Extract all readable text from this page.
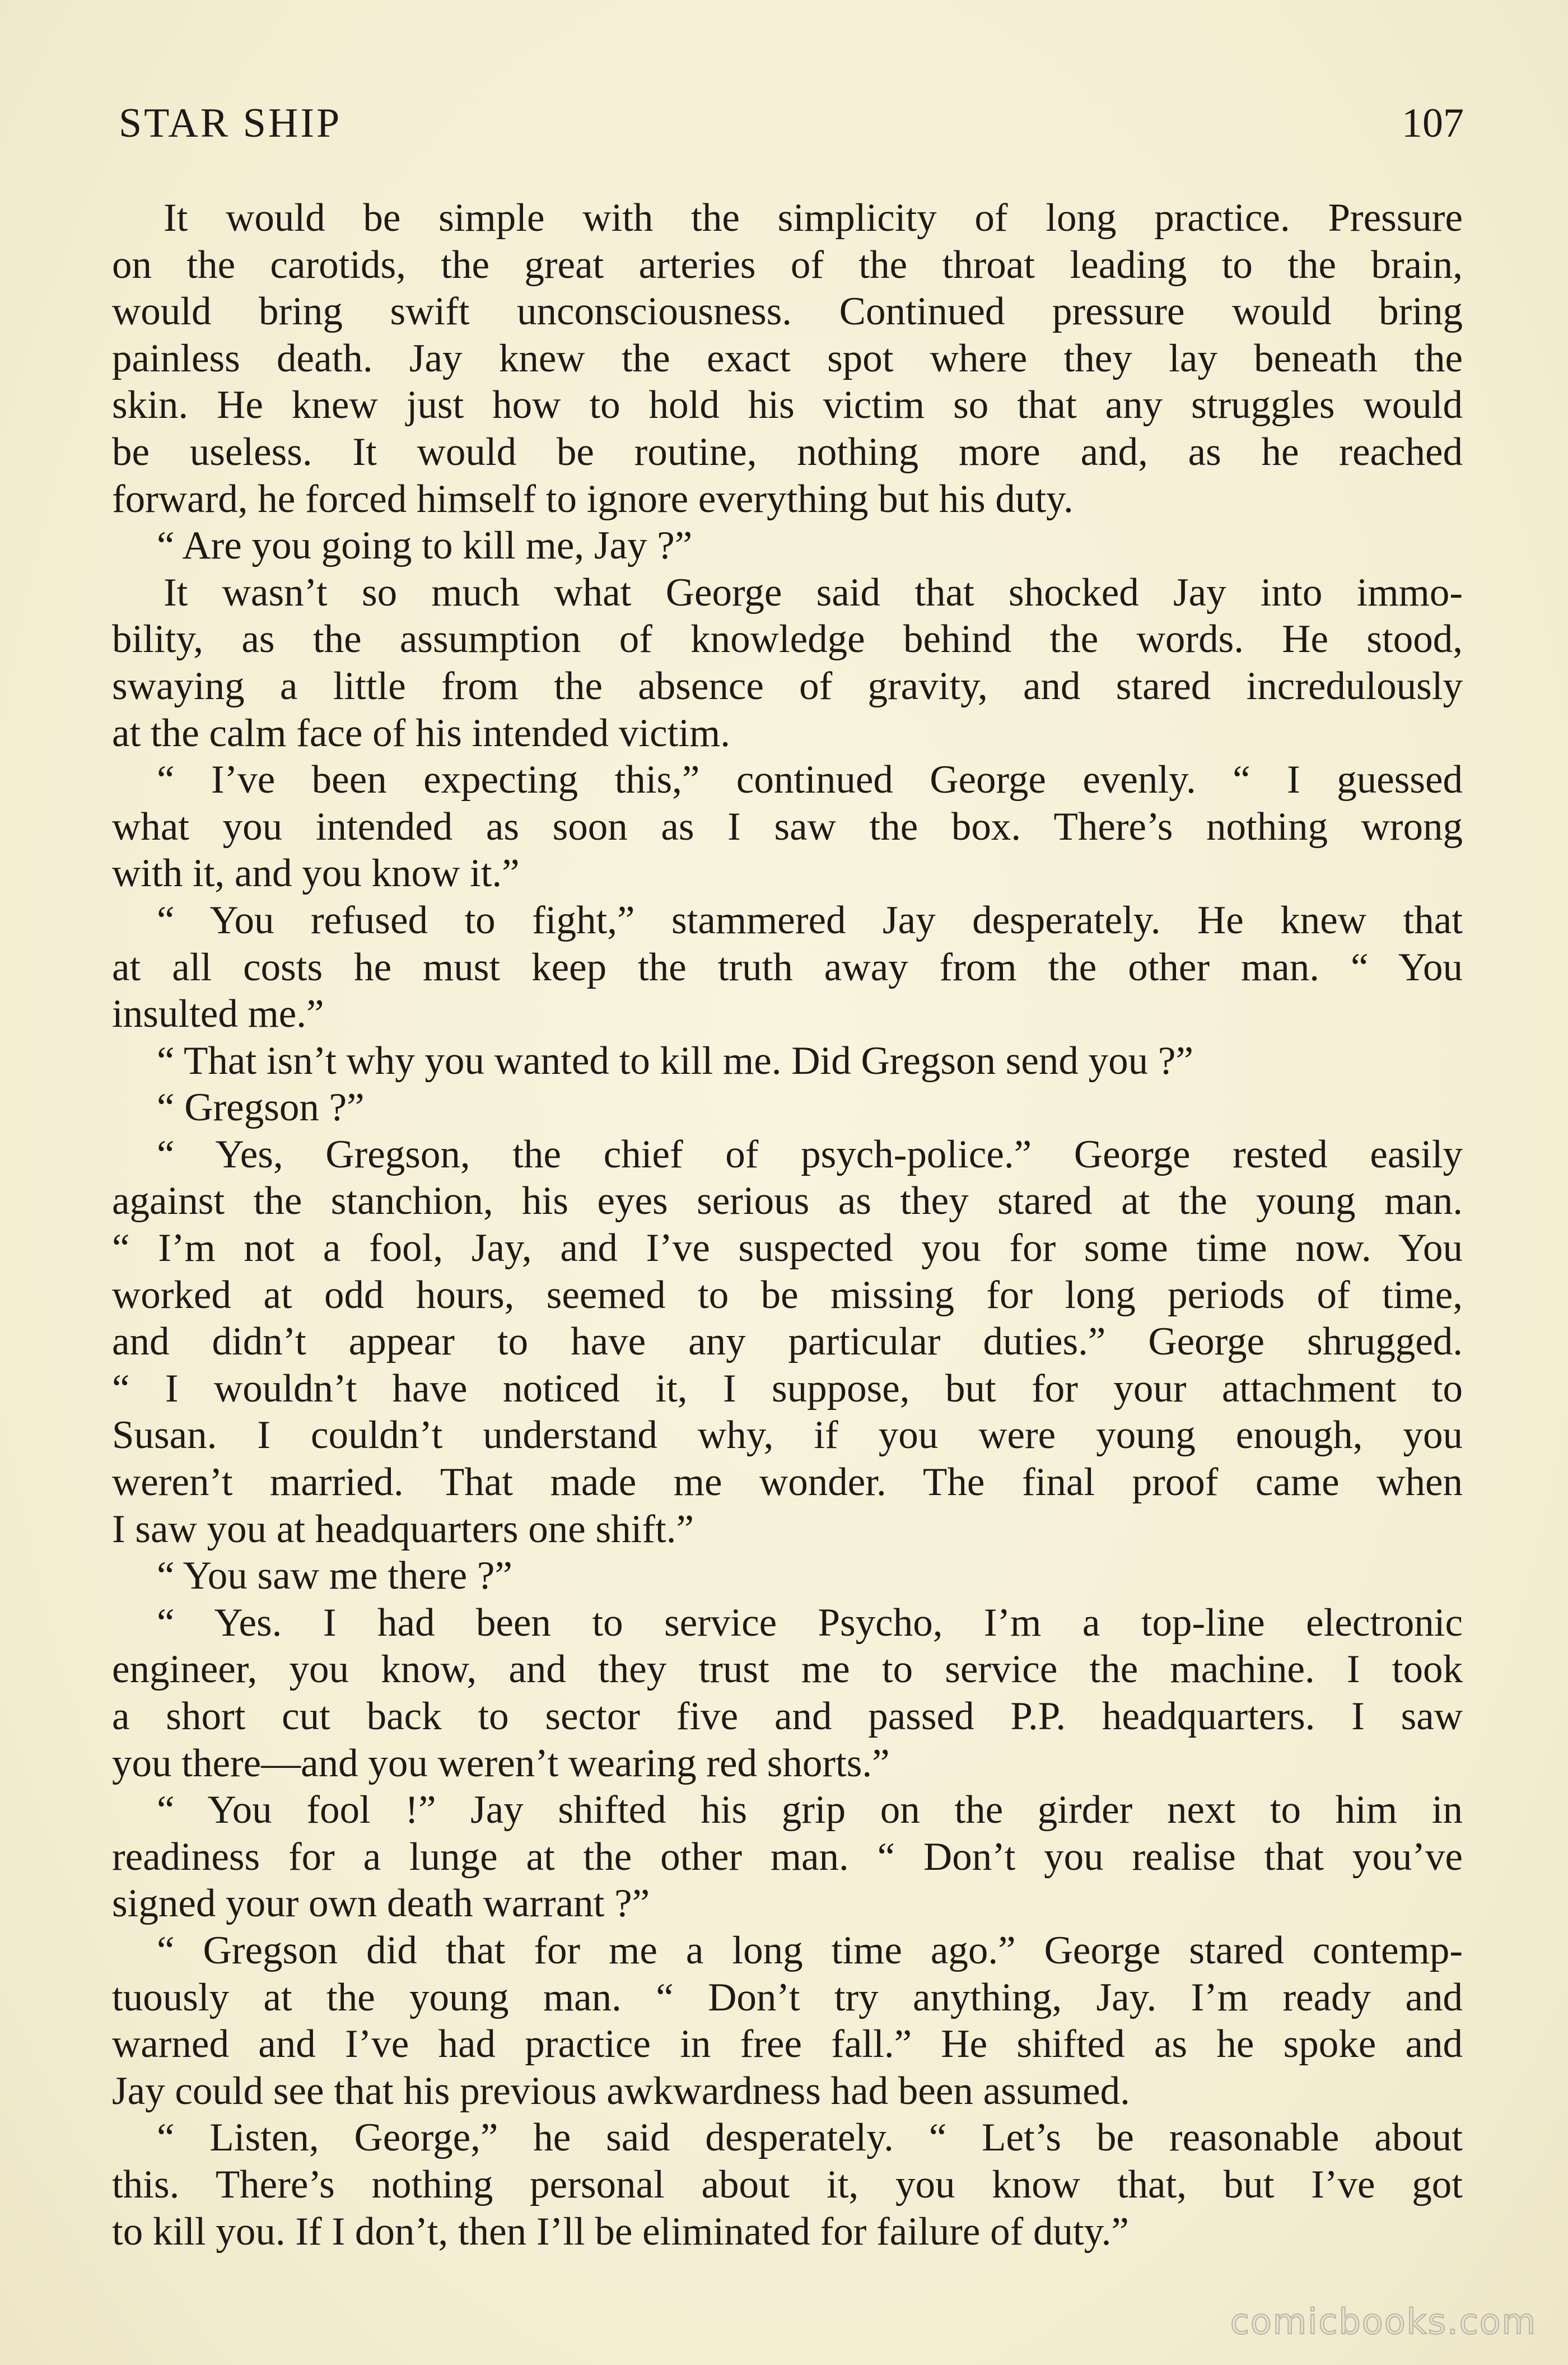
STAR SHIP	107
It would be simple with the simplicity of long practice. Pressure
on the carotids, the great arteries of the throat leading to the brain,
would bring swift unconsciousness. Continued pressure would bring
painless death. Jay knew the exact spot where they lay beneath the
skin. He knew just how to hold his victim so that any struggles would
be useless. It would be routine, nothing more and, as he reached
forward, he forced himself to ignore everything but his duty.
“ Are you going to kill me, Jay ?”
It wasn’t so much what George said that shocked Jay into immo-
bility, as the assumption of knowledge behind the words. He stood,
swaying a little from the absence of gravity, and stared incredulously
at the calm face of his intended victim.
“ I’ve been expecting this,” continued George evenly. “ I guessed
what you intended as soon as I saw the box. There’s nothing wrong
with it, and you know it.”
“ You refused to fight,” stammered Jay desperately. He knew that
at all costs he must keep the truth away from the other man. “ You
insulted me.”
“ That isn’t why you wanted to kill me. Did Gregson send you ?”
“ Gregson ?”
“ Yes, Gregson, the chief of psych-police.” George rested easily
against the stanchion, his eyes serious as they stared at the young man.
“ I’m not a fool, Jay, and I’ve suspected you for some time now. You
worked at odd hours, seemed to be missing for long periods of time,
and didn’t appear to have any particular duties.” George shrugged.
“ I wouldn’t have noticed it, I suppose, but for your attachment to
Susan. I couldn’t understand why, if you were young enough, you
weren’t married. That made me wonder. The final proof came when
I saw you at headquarters one shift.”
“ You saw me there ?”
“ Yes. I had been to service Psycho, I’m a top-line electronic
engineer, you know, and they trust me to service the machine. I took
a short cut back to sector five and passed P.P. headquarters. I saw
you there—and you weren’t wearing red shorts.”
“ You fool !” Jay shifted his grip on the girder next to him in
readiness for a lunge at the other man. “ Don’t you realise that you’ve
signed your own death warrant ?”
“ Gregson did that for me a long time ago.” George stared contemp-
tuously at the young man. “ Don’t try anything, Jay. I’m ready and
warned and I’ve had practice in free fall.” He shifted as he spoke and
Jay could see that his previous awkwardness had been assumed.
“ Listen, George,” he said desperately. “ Let’s be reasonable about
this. There’s nothing personal about it, you know that, but I’ve got
to kill you. If I don’t, then I’ll be eliminated for failure of duty.”
comicbooks.com
